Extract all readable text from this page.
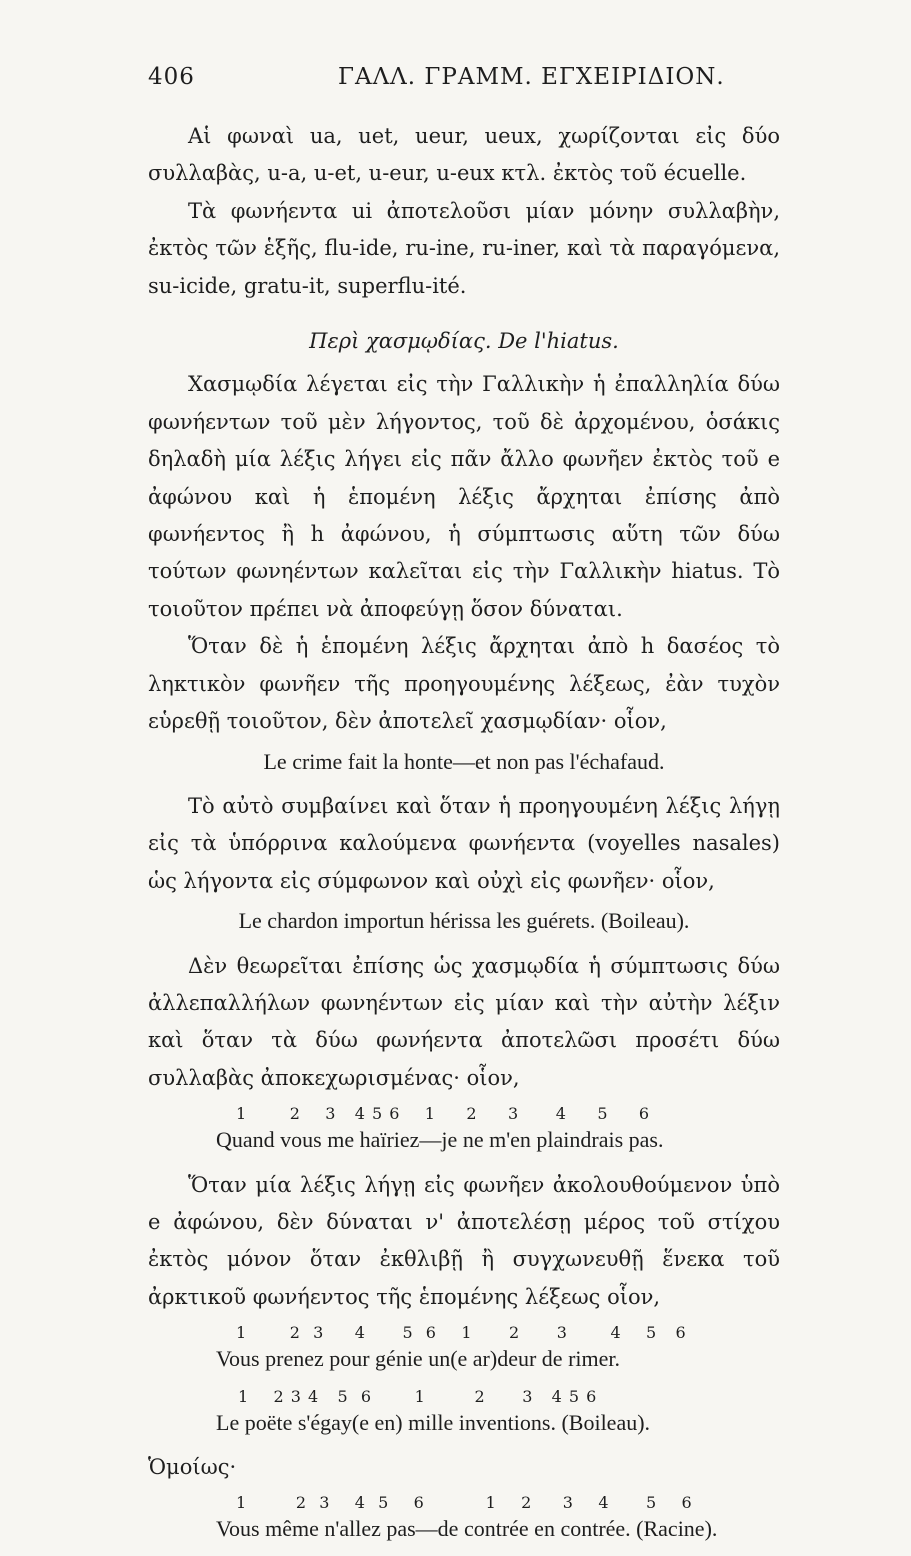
406	ΓΑΛΛ. ΓΡΑΜΜ. ΕΓΧΕΙΡΙΔΙΟΝ.

Αἱ φωναὶ ua, uet, ueur, ueux, χωρίζονται εἰς δύο συλλαβὰς, u-a, u-et, u-eur, u-eux κτλ. ἐκτὸς τοῦ écuelle.

Τὰ φωνήεντα ui ἀποτελοῦσι μίαν μόνην συλλαβὴν, ἐκτὸς τῶν ἑξῆς, flu-ide, ru-ine, ru-iner, καὶ τὰ παραγόμενα, su-icide, gratu-it, superflu-ité.

Περὶ χασμῳδίας. De l'hiatus.

Χασμῳδία λέγεται εἰς τὴν Γαλλικὴν ἡ ἐπαλληλία δύω φωνήεντων τοῦ μὲν λήγοντος, τοῦ δὲ ἀρχομένου, ὁσάκις δηλαδὴ μία λέξις λήγει εἰς πᾶν ἄλλο φωνῆεν ἐκτὸς τοῦ e ἀφώνου καὶ ἡ ἑπομένη λέξις ἄρχηται ἐπίσης ἀπὸ φωνήεντος ἢ h ἀφώνου, ἡ σύμπτωσις αὕτη τῶν δύω τούτων φωνηέντων καλεῖται εἰς τὴν Γαλλικὴν hiatus. Τὸ τοιοῦτον πρέπει νὰ ἀποφεύγῃ ὅσον δύναται.

Ὅταν δὲ ἡ ἑπομένη λέξις ἄρχηται ἀπὸ h δασέος τὸ ληκτικὸν φωνῆεν τῆς προηγουμένης λέξεως, ἐὰν τυχὸν εὑρεθῇ τοιοῦτον, δὲν ἀποτελεῖ χασμῳδίαν· οἷον,

Le crime fait la honte—et non pas l'échafaud.

Τὸ αὐτὸ συμβαίνει καὶ ὅταν ἡ προηγουμένη λέξις λήγῃ εἰς τὰ ὑπόρρινα καλούμενα φωνήεντα (voyelles nasales) ὡς λήγοντα εἰς σύμφωνον καὶ οὐχὶ εἰς φωνῆεν· οἷον,

Le chardon importun hérissa les guérets. (Boileau).

Δὲν θεωρεῖται ἐπίσης ὡς χασμῳδία ἡ σύμπτωσις δύω ἀλλεπαλλήλων φωνηέντων εἰς μίαν καὶ τὴν αὐτὴν λέξιν καὶ ὅταν τὰ δύω φωνήεντα ἀποτελῶσι προσέτι δύω συλλαβὰς ἀποκεχωρισμένας· οἷον,

1       2    3   4 5 6    1     2     3      4     5     6

Quand vous me haïriez—je ne m'en plaindrais pas.

Ὅταν μία λέξις λήγῃ εἰς φωνῆεν ἀκολουθούμενον ὑπὸ e ἀφώνου, δὲν δύναται ν' ἀποτελέσῃ μέρος τοῦ στίχου ἐκτὸς μόνον ὅταν ἐκθλιβῇ ἢ συγχωνευθῇ ἕνεκα τοῦ ἀρκτικοῦ φωνήεντος τῆς ἑπομένης λέξεως οἷον,

1       2  3     4      5  6    1      2      3       4    5   6

Vous prenez pour génie un(e ar)deur de rimer.

1    2 3 4   5  6       1        2      3   4 5 6

Le poëte s'égay(e en) mille inventions. (Boileau).

Ὁμοίως·

1        2  3    4  5    6          1    2     3    4      5    6

Vous même n'allez pas—de contrée en contrée. (Racine).
